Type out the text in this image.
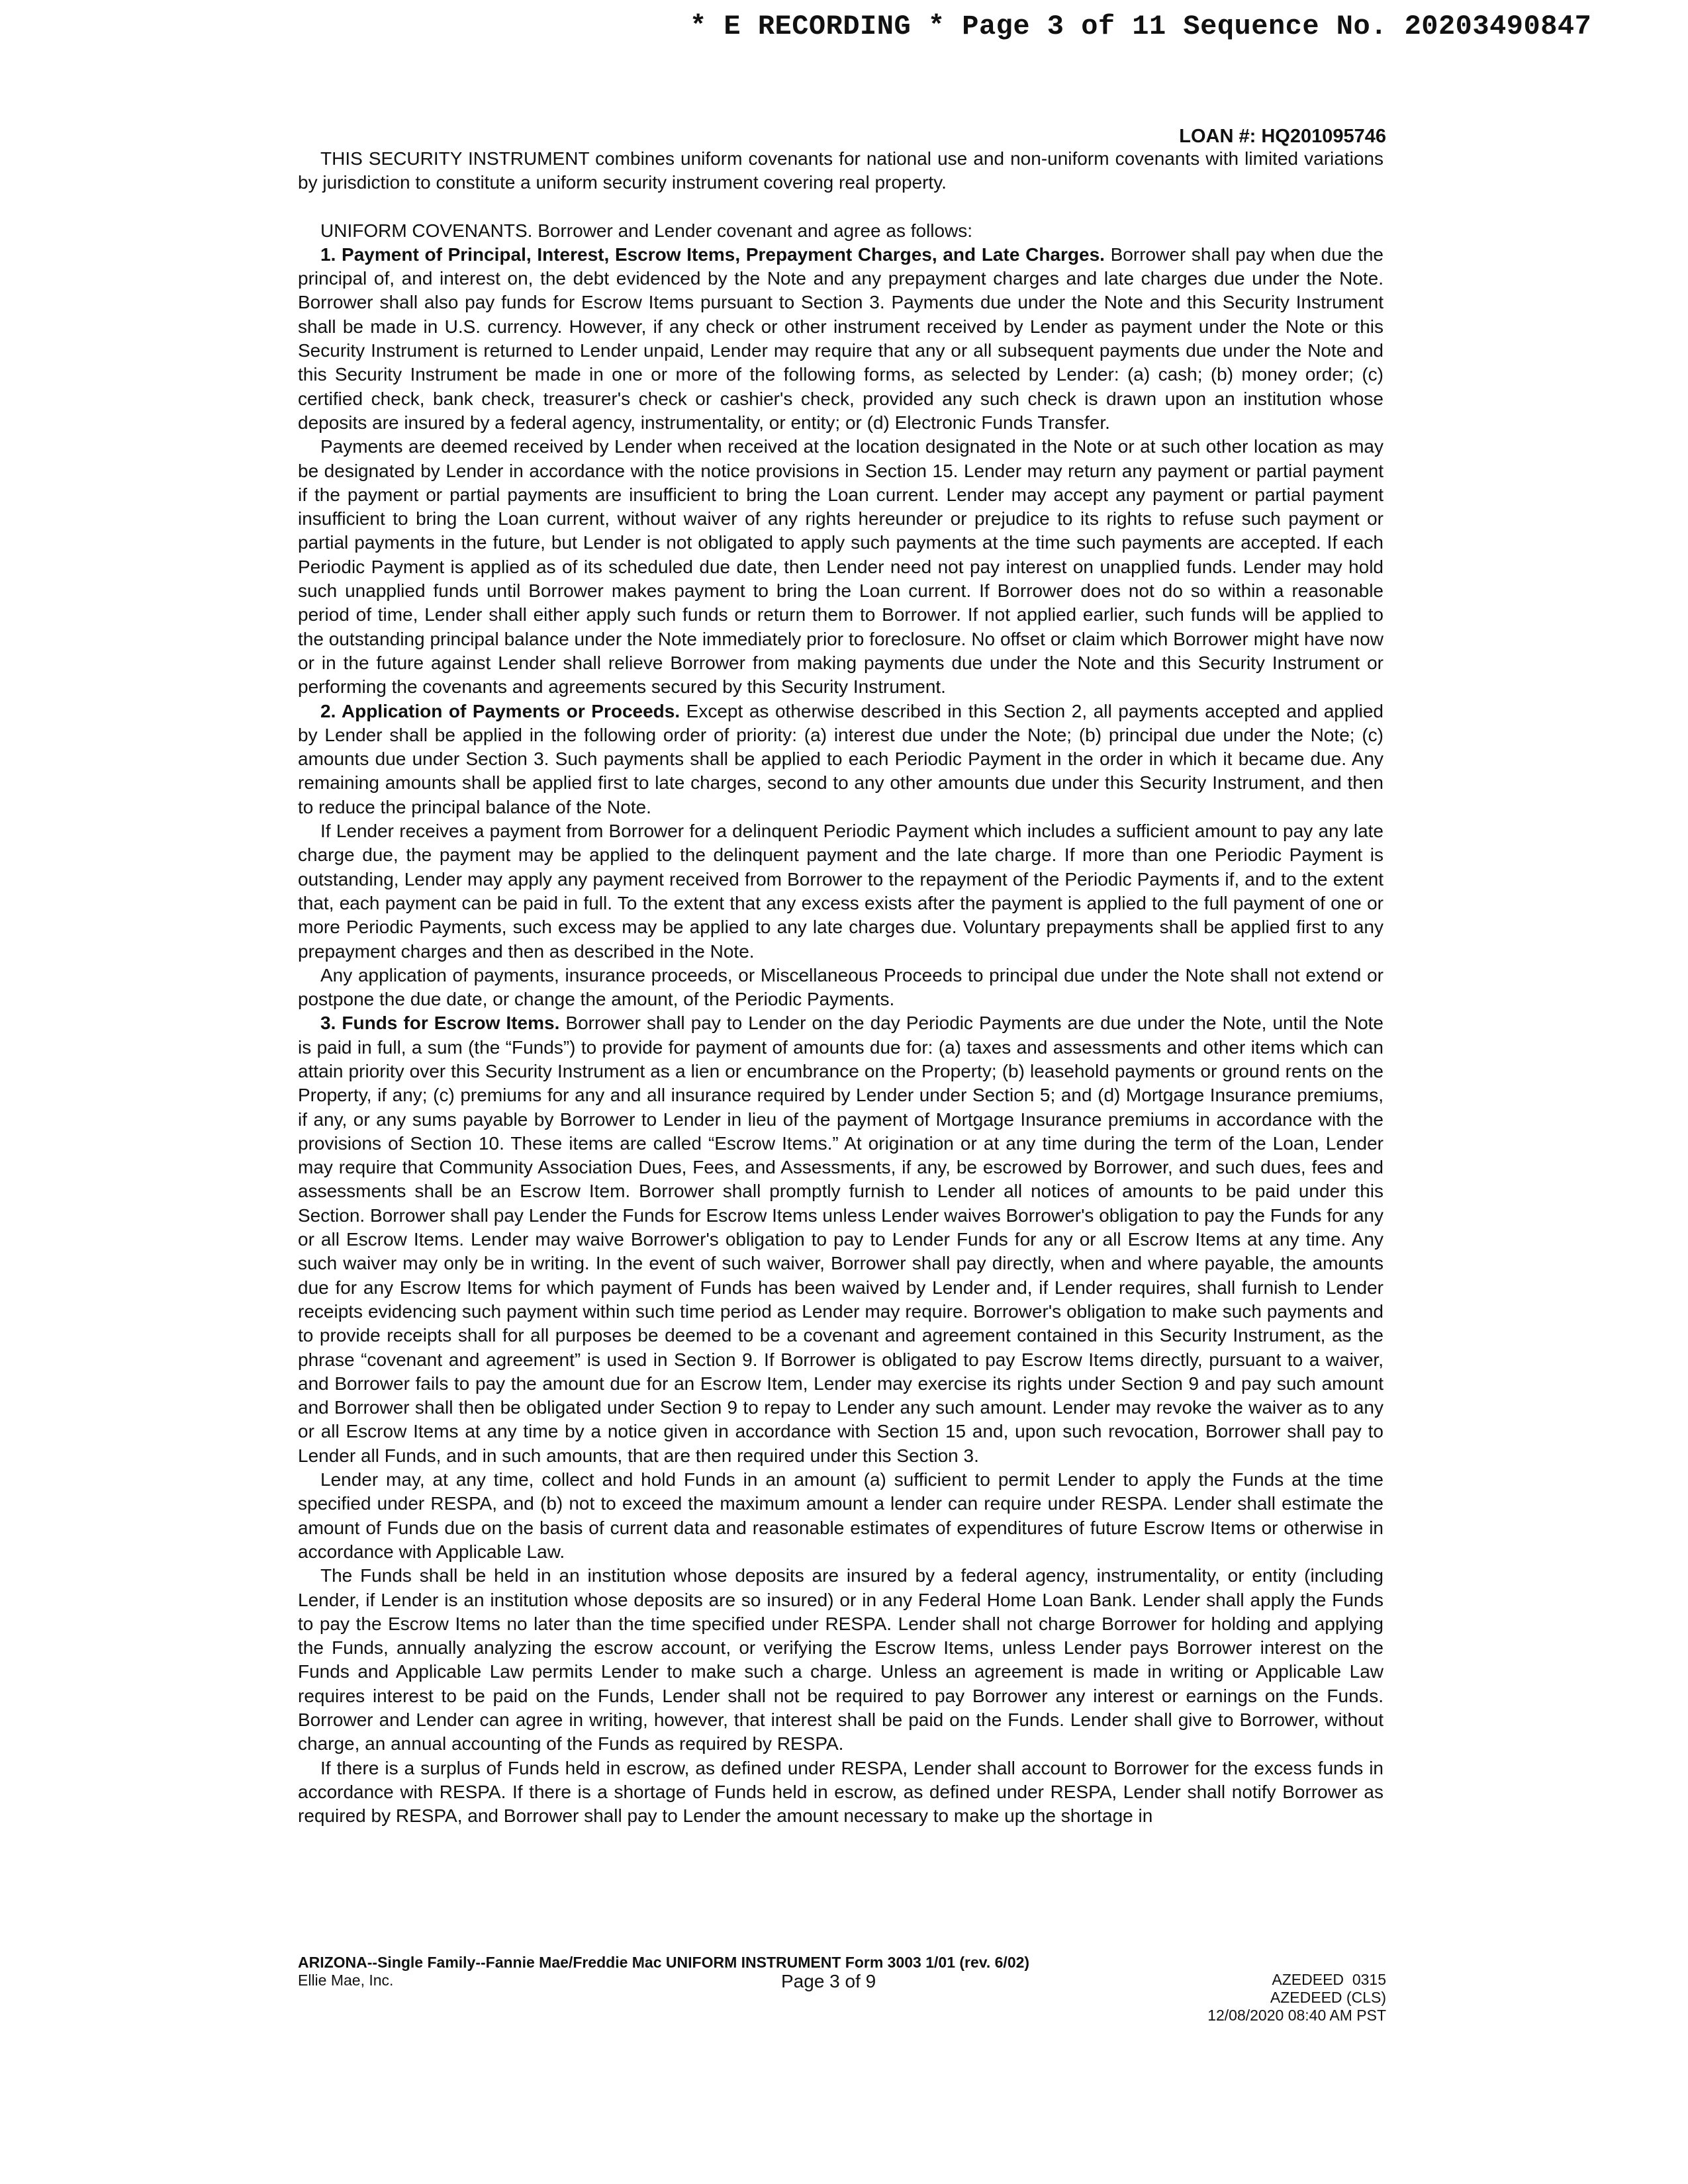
* E RECORDING * Page 3 of 11 Sequence No. 20203490847
LOAN #: HQ201095746

THIS SECURITY INSTRUMENT combines uniform covenants for national use and non-uniform covenants with limited variations by jurisdiction to constitute a uniform security instrument covering real property.

UNIFORM COVENANTS. Borrower and Lender covenant and agree as follows:

1. Payment of Principal, Interest, Escrow Items, Prepayment Charges, and Late Charges. Borrower shall pay when due the principal of, and interest on, the debt evidenced by the Note and any prepayment charges and late charges due under the Note. Borrower shall also pay funds for Escrow Items pursuant to Section 3. Payments due under the Note and this Security Instrument shall be made in U.S. currency. However, if any check or other instrument received by Lender as payment under the Note or this Security Instrument is returned to Lender unpaid, Lender may require that any or all subsequent payments due under the Note and this Security Instrument be made in one or more of the following forms, as selected by Lender: (a) cash; (b) money order; (c) certified check, bank check, treasurer's check or cashier's check, provided any such check is drawn upon an institution whose deposits are insured by a federal agency, instrumentality, or entity; or (d) Electronic Funds Transfer.

Payments are deemed received by Lender when received at the location designated in the Note or at such other location as may be designated by Lender in accordance with the notice provisions in Section 15. Lender may return any payment or partial payment if the payment or partial payments are insufficient to bring the Loan current. Lender may accept any payment or partial payment insufficient to bring the Loan current, without waiver of any rights hereunder or prejudice to its rights to refuse such payment or partial payments in the future, but Lender is not obligated to apply such payments at the time such payments are accepted. If each Periodic Payment is applied as of its scheduled due date, then Lender need not pay interest on unapplied funds. Lender may hold such unapplied funds until Borrower makes payment to bring the Loan current. If Borrower does not do so within a reasonable period of time, Lender shall either apply such funds or return them to Borrower. If not applied earlier, such funds will be applied to the outstanding principal balance under the Note immediately prior to foreclosure. No offset or claim which Borrower might have now or in the future against Lender shall relieve Borrower from making payments due under the Note and this Security Instrument or performing the covenants and agreements secured by this Security Instrument.

2. Application of Payments or Proceeds. Except as otherwise described in this Section 2, all payments accepted and applied by Lender shall be applied in the following order of priority: (a) interest due under the Note; (b) principal due under the Note; (c) amounts due under Section 3. Such payments shall be applied to each Periodic Payment in the order in which it became due. Any remaining amounts shall be applied first to late charges, second to any other amounts due under this Security Instrument, and then to reduce the principal balance of the Note.

If Lender receives a payment from Borrower for a delinquent Periodic Payment which includes a sufficient amount to pay any late charge due, the payment may be applied to the delinquent payment and the late charge. If more than one Periodic Payment is outstanding, Lender may apply any payment received from Borrower to the repayment of the Periodic Payments if, and to the extent that, each payment can be paid in full. To the extent that any excess exists after the payment is applied to the full payment of one or more Periodic Payments, such excess may be applied to any late charges due. Voluntary prepayments shall be applied first to any prepayment charges and then as described in the Note.

Any application of payments, insurance proceeds, or Miscellaneous Proceeds to principal due under the Note shall not extend or postpone the due date, or change the amount, of the Periodic Payments.

3. Funds for Escrow Items. Borrower shall pay to Lender on the day Periodic Payments are due under the Note, until the Note is paid in full, a sum (the “Funds”) to provide for payment of amounts due for: (a) taxes and assessments and other items which can attain priority over this Security Instrument as a lien or encumbrance on the Property; (b) leasehold payments or ground rents on the Property, if any; (c) premiums for any and all insurance required by Lender under Section 5; and (d) Mortgage Insurance premiums, if any, or any sums payable by Borrower to Lender in lieu of the payment of Mortgage Insurance premiums in accordance with the provisions of Section 10. These items are called “Escrow Items.” At origination or at any time during the term of the Loan, Lender may require that Community Association Dues, Fees, and Assessments, if any, be escrowed by Borrower, and such dues, fees and assessments shall be an Escrow Item. Borrower shall promptly furnish to Lender all notices of amounts to be paid under this Section. Borrower shall pay Lender the Funds for Escrow Items unless Lender waives Borrower's obligation to pay the Funds for any or all Escrow Items. Lender may waive Borrower's obligation to pay to Lender Funds for any or all Escrow Items at any time. Any such waiver may only be in writing. In the event of such waiver, Borrower shall pay directly, when and where payable, the amounts due for any Escrow Items for which payment of Funds has been waived by Lender and, if Lender requires, shall furnish to Lender receipts evidencing such payment within such time period as Lender may require. Borrower's obligation to make such payments and to provide receipts shall for all purposes be deemed to be a covenant and agreement contained in this Security Instrument, as the phrase “covenant and agreement” is used in Section 9. If Borrower is obligated to pay Escrow Items directly, pursuant to a waiver, and Borrower fails to pay the amount due for an Escrow Item, Lender may exercise its rights under Section 9 and pay such amount and Borrower shall then be obligated under Section 9 to repay to Lender any such amount. Lender may revoke the waiver as to any or all Escrow Items at any time by a notice given in accordance with Section 15 and, upon such revocation, Borrower shall pay to Lender all Funds, and in such amounts, that are then required under this Section 3.

Lender may, at any time, collect and hold Funds in an amount (a) sufficient to permit Lender to apply the Funds at the time specified under RESPA, and (b) not to exceed the maximum amount a lender can require under RESPA. Lender shall estimate the amount of Funds due on the basis of current data and reasonable estimates of expenditures of future Escrow Items or otherwise in accordance with Applicable Law.

The Funds shall be held in an institution whose deposits are insured by a federal agency, instrumentality, or entity (including Lender, if Lender is an institution whose deposits are so insured) or in any Federal Home Loan Bank. Lender shall apply the Funds to pay the Escrow Items no later than the time specified under RESPA. Lender shall not charge Borrower for holding and applying the Funds, annually analyzing the escrow account, or verifying the Escrow Items, unless Lender pays Borrower interest on the Funds and Applicable Law permits Lender to make such a charge. Unless an agreement is made in writing or Applicable Law requires interest to be paid on the Funds, Lender shall not be required to pay Borrower any interest or earnings on the Funds. Borrower and Lender can agree in writing, however, that interest shall be paid on the Funds. Lender shall give to Borrower, without charge, an annual accounting of the Funds as required by RESPA.

If there is a surplus of Funds held in escrow, as defined under RESPA, Lender shall account to Borrower for the excess funds in accordance with RESPA. If there is a shortage of Funds held in escrow, as defined under RESPA, Lender shall notify Borrower as required by RESPA, and Borrower shall pay to Lender the amount necessary to make up the shortage in

ARIZONA--Single Family--Fannie Mae/Freddie Mac UNIFORM INSTRUMENT Form 3003 1/01 (rev. 6/02)
Ellie Mae, Inc.	Page 3 of 9	AZEDEED  0315
AZEDEED (CLS)
12/08/2020 08:40 AM PST
